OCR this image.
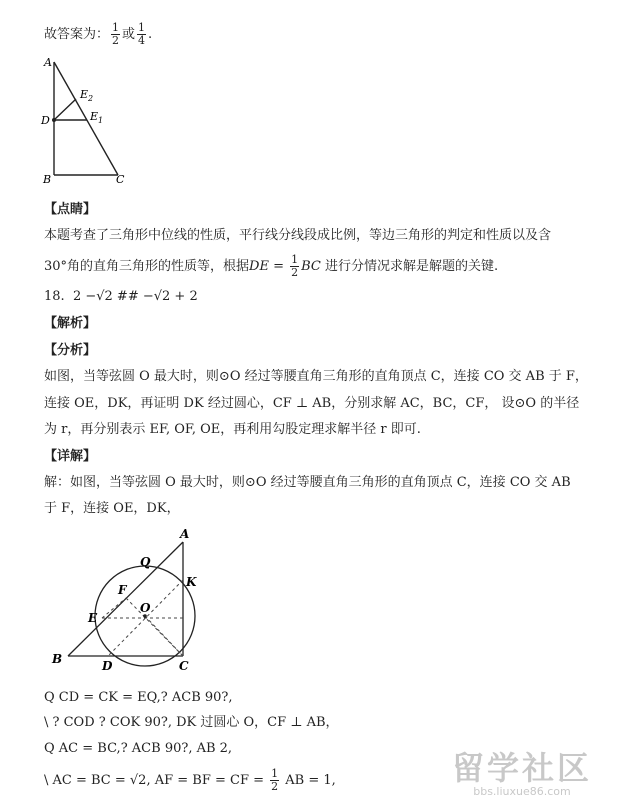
故答案为： $\frac{1}{2}$ 或 $\frac{1}{4}$ .
A
$E_2$
D	$E_1$
B	C
【点睛】
本题考查了三角形中位线的性质，平行线分线段成比例，等边三角形的判定和性质以及含
30°角的直角三角形的性质等，根据DE = $\frac{1}{2}$ BC 进行分情况求解是解题的关键.
18. 2 −√2 ## −√2 + 2
【解析】
【分析】
如图，当等弦圆 O 最大时，则⊙O 经过等腰直角三角形的直角顶点 C，连接 CO 交 AB 于 F，
连接 OE，DK，再证明 DK 经过圆心，CF ⊥ AB，分别求解 AC，BC，CF， 设⊙O 的半径
为 r，再分别表示 EF, OF, OE，再利用勾股定理求解半径 r 即可.
【详解】
解：如图，当等弦圆 O 最大时，则⊙O 经过等腰直角三角形的直角顶点 C，连接 CO 交 AB
于 F，连接 OE，DK，
A
Q
K
F
O
E
B	D	C
Q CD = CK = EQ,? ACB 90?,
\ ? COD ? COK 90?, DK 过圆心 O，CF ⊥ AB，
Q AC = BC,? ACB 90?, AB 2,
\ AC = BC = √2, AF = BF = CF = $\frac{1}{2}$ AB = 1,	留学社区
bbs.liuxue86.com
